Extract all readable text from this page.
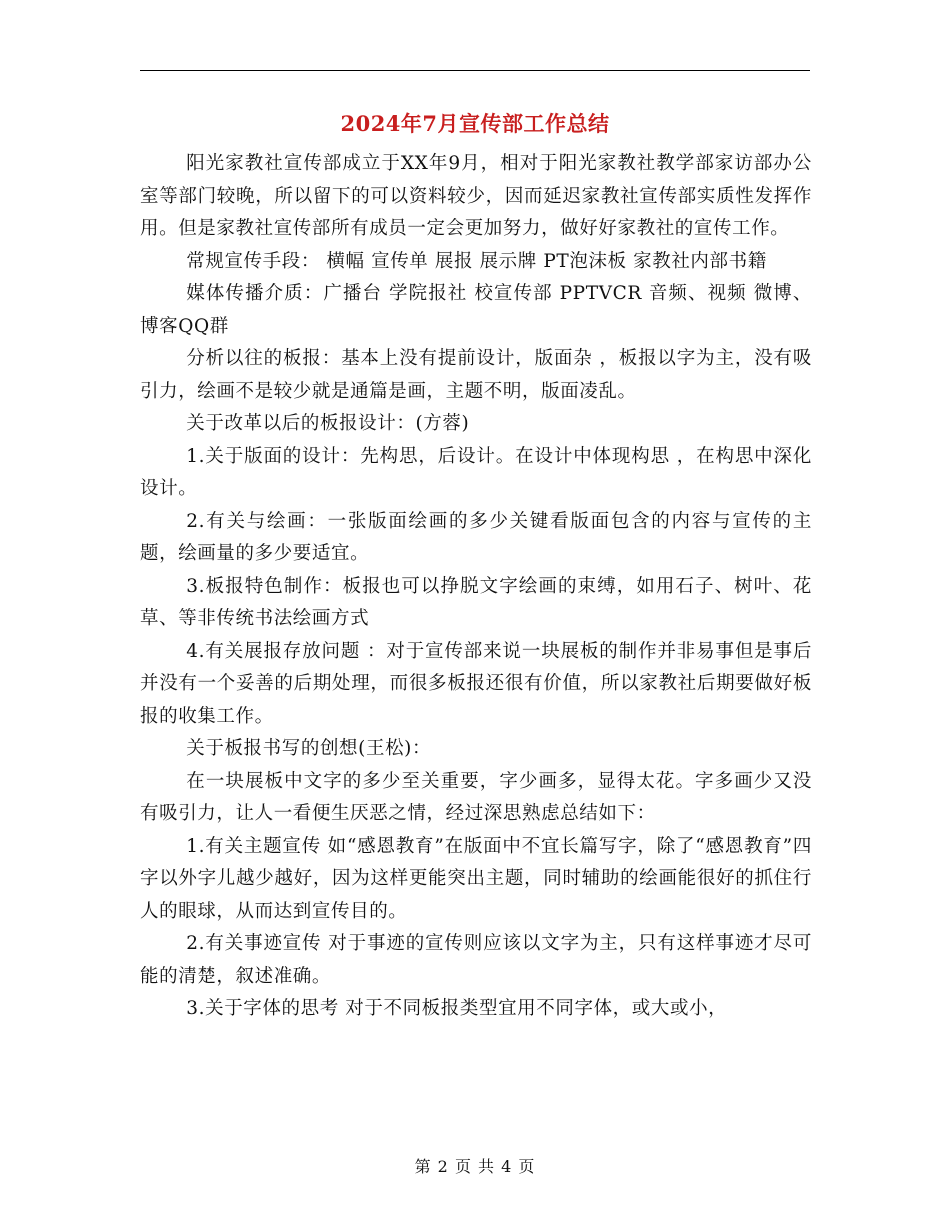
2024年7月宣传部工作总结

阳光家教社宣传部成立于XX年9月，相对于阳光家教社教学部家访部办公室等部门较晚，所以留下的可以资料较少，因而延迟家教社宣传部实质性发挥作用。但是家教社宣传部所有成员一定会更加努力，做好好家教社的宣传工作。

常规宣传手段： 横幅 宣传单 展报 展示牌 PT泡沫板 家教社内部书籍

媒体传播介质：广播台 学院报社 校宣传部 PPTVCR 音频、视频 微博、博客QQ群

分析以往的板报：基本上没有提前设计，版面杂 ，板报以字为主，没有吸引力，绘画不是较少就是通篇是画，主题不明，版面凌乱。

关于改革以后的板报设计：(方蓉)

1.关于版面的设计：先构思，后设计。在设计中体现构思 ，在构思中深化设计。

2.有关与绘画：一张版面绘画的多少关键看版面包含的内容与宣传的主题，绘画量的多少要适宜。

3.板报特色制作：板报也可以挣脱文字绘画的束缚，如用石子、树叶、花草、等非传统书法绘画方式

4.有关展报存放问题 ：对于宣传部来说一块展板的制作并非易事但是事后并没有一个妥善的后期处理，而很多板报还很有价值，所以家教社后期要做好板报的收集工作。

关于板报书写的创想(王松)：

在一块展板中文字的多少至关重要，字少画多，显得太花。字多画少又没有吸引力，让人一看便生厌恶之情，经过深思熟虑总结如下：

1.有关主题宣传 如“感恩教育”在版面中不宜长篇写字，除了“感恩教育”四字以外字儿越少越好，因为这样更能突出主题，同时辅助的绘画能很好的抓住行人的眼球，从而达到宣传目的。

2.有关事迹宣传 对于事迹的宣传则应该以文字为主，只有这样事迹才尽可能的清楚，叙述准确。

3.关于字体的思考 对于不同板报类型宜用不同字体，或大或小，

第 2 页 共 4 页
